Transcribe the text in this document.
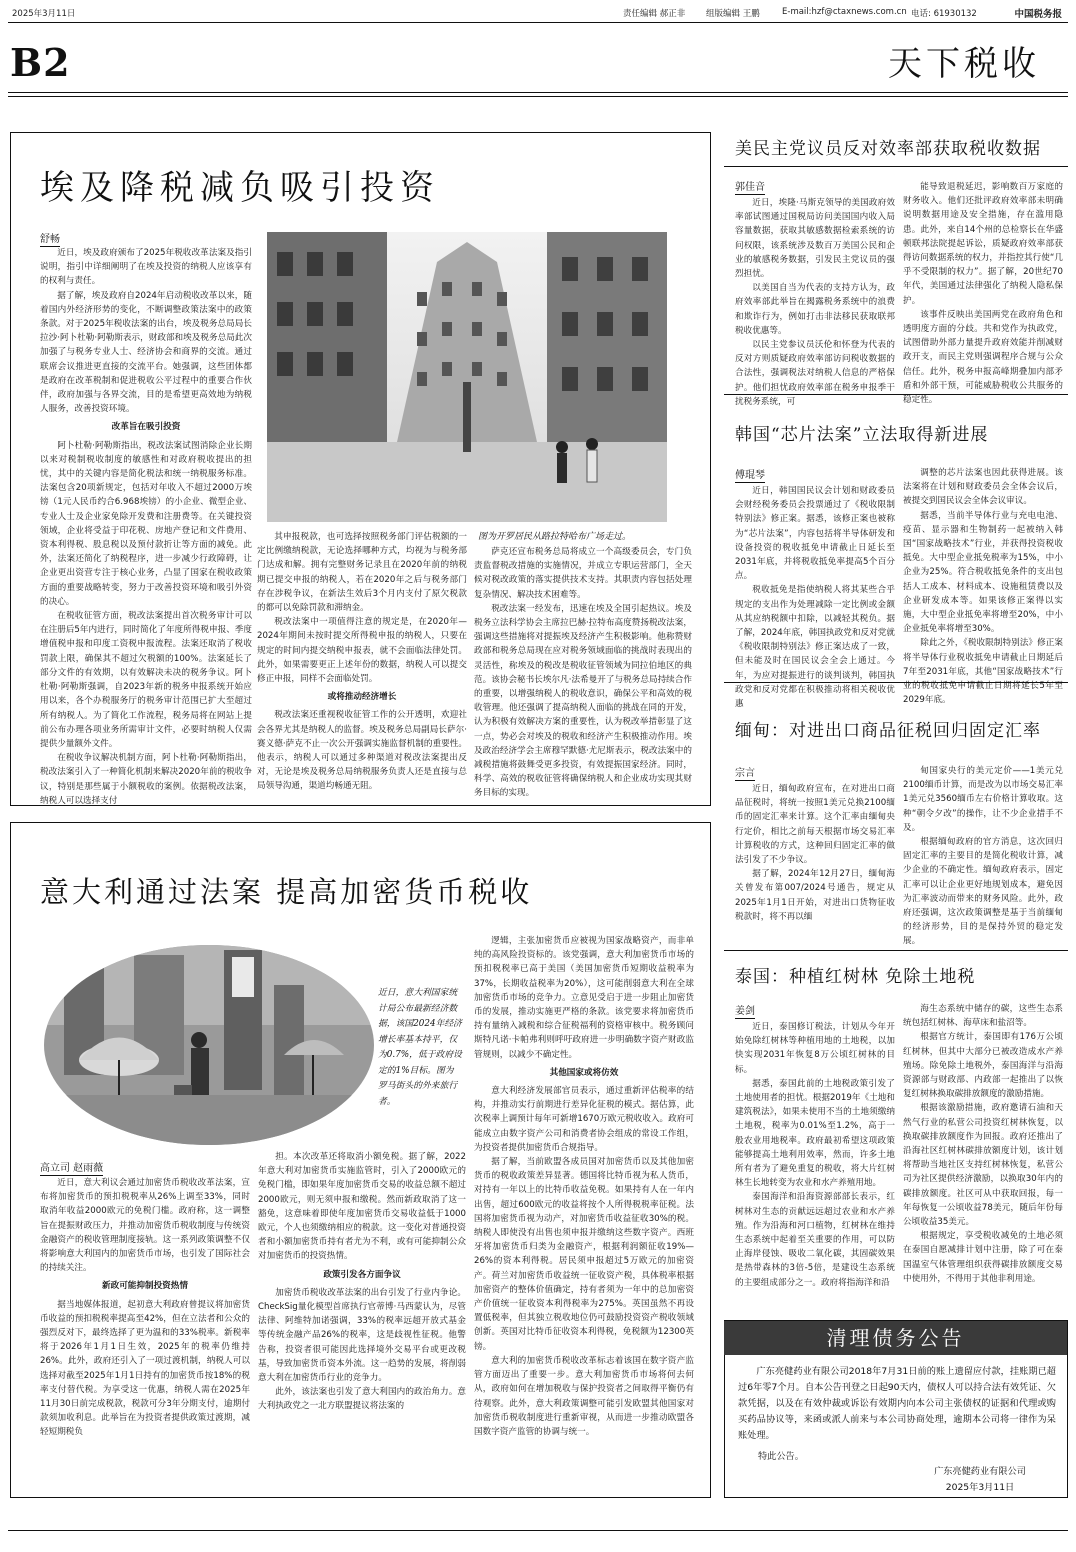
2025年3月11日	责任编辑 郝正非 组版编辑 王鹏	E-mail:hzf@ctaxnews.com.cn 电话: 61930132	中国税务报
B2	天下税收
埃及降税减负吸引投资
舒畅
图为开罗居民从路拉特哈布广场走过。

近日，埃及政府颁布了2025年税收改革法案及指引说明，指引中详细阐明了在埃及投资的纳税人应该享有的权利与责任。

据了解，埃及政府自2024年启动税收改革以来，随着国内外经济形势的变化，不断调整政策法案中的政策条款。对于2025年税收法案的出台，埃及税务总局局长拉沙·阿卜杜勒·阿勒斯表示，财政部和埃及税务总局此次加强了与税务专业人士、经济协会和商界的交流。通过联席会议推进更直接的交流平台。她强调，这些团体都是政府在改革税制和促进税收公平过程中的重要合作伙伴，政府加强与各界交流，目的是希望更高效地为纳税人服务，改善投资环境。

改革旨在吸引投资

阿卜杜勒·阿勒斯指出，税改法案试图消除企业长期以来对税制税收制度的敏感性和对政府税收提出的担忧，其中的关键内容是简化税法和统一纳税服务标准。法案包含20项新规定，包括对年收入不超过2000万埃镑（1元人民币约合6.968埃镑）的小企业、微型企业、专业人士及企业家免除开发费和注册费等。在关键投资领域，企业将受益于印花税、房地产登记和文件费用、资本利得税、股息税以及预付款折让等方面的减免。此外，法案还简化了纳税程序，进一步减少行政障碍，让企业更出资营专注于核心业务，凸显了国家在税收政策方面的重要战略转变，努力于改善投资环境和吸引外资的决心。

在税收征管方面，税改法案提出首次税务审计可以在注册后5年内进行，同时简化了年度所得税申报、季度增值税申报和印度工资税申报流程。法案还取消了税收罚款上限，确保其不超过欠税额的100%。法案延长了部分文件的有效期，以有效解决未决的税务争议。阿卜杜勒·阿勒斯强调，自2023年新的税务申报系统开始应用以来，各个办税服务厅的税务审计范围已扩大至超过所有纳税人。为了简化工作流程，税务局将在网站上提前公布办理各项业务所需审计文件，必要时纳税人仅需提供少量额外文件。

在税收争议解决机制方面，阿卜杜勒·阿勒斯指出，税改法案引入了一种简化机制来解决2020年前的税收争议，特别是那些属于小额税收的案例。依据税改法案，纳税人可以选择支付

其申报税款，也可选择按照税务部门评估税额的一定比例缴纳税款，无论选择哪种方式，均视为与税务部门达成和解。拥有完整财务记录且在2020年前的纳税期已提交申报的纳税人，若在2020年之后与税务部门存在涉税争议，在新法生效后3个月内支付了原欠税款的都可以免除罚款和滞纳金。

税改法案中一项值得注意的规定是，在2020年—2024年期间未按时提交所得税申报的纳税人，只要在规定的时间内提交纳税申报表，就不会面临法律处罚。此外，如果需要更正上述年份的数据，纳税人可以提交修正申报，同样不会面临处罚。

或将推动经济增长

税改法案还重视税收征管工作的公开透明，欢迎社会各界尤其是纳税人的监督。埃及税务总局副局长萨尔·赛义德·萨克不止一次公开强调实施监督机制的重要性。他表示，纳税人可以通过多种渠道对税改法案提出反对，无论是埃及税务总局纳税服务负责人还是直接与总局领导沟通，渠道均畅通无阻。

萨克还宣布税务总局将成立一个高级委员会，专门负责监督税改措施的实施情况，并成立专职运营部门，全天候对税改政策的落实提供技术支持。其职责内容包括处理复杂情况、解决技术困难等。

税改法案一经发布，迅速在埃及全国引起热议。埃及税务立法科学协会主席拉巴赫·拉特布高度赞扬税改法案，强调这些措施将对提振埃及经济产生积极影响。他称赞财政部和税务总局现在应对税务领域面临的挑战时表现出的灵活性，称埃及的税改是税收征管领域为同拉伯地区的典范。该协会秘书长埃尔凡·法希曼开了与税务总局持续合作的重要，以增强纳税人的税收意识，确保公平和高效的税收管理。他还强调了提高纳税人面临的挑战在同的开发，认为积极有效解决方案的重要性，认为税改举措彰显了这一点，势必会对埃及的税收和经济产生积极推动作用。埃及政治经济学会主席穆罕默德·尤尼斯表示，税改法案中的减税措施将鼓舞受更多投资，有效提振国家经济。同时，科学、高效的税收征管将确保纳税人和企业成功实现其财务目标的实现。

意大利通过法案 提高加密货币税收
近日，意大利国家统计局公布最新经济数据，该国2024年经济增长率基本持平，仅为0.7%，低于政府设定的1%目标。图为罗马街头的外来旅行者。
高立司 赵雨薇

近日，意大利议会通过加密货币税收改革法案，宣布将加密货币的预扣税税率从26%上调至33%，同时取消年收益2000欧元的免税门槛。政府称，这一调整旨在提振财政压力，并推动加密货币税收制度与传统资金融资产的税收管理制度接轨。这一系列政策调整不仅将影响意大利国内的加密货币市场，也引发了国际社会的持续关注。

新政可能抑制投资热情

据当地媒体报道，起初意大利政府曾提议将加密货币收益的预扣税税率提高至42%，但在立法者和公众的强烈反对下，最终选择了更为温和的33%税率。新税率将于2026年1月1日生效，2025年的税率仍维持26%。此外，政府还引入了一项过渡机制，纳税人可以选择对截至2025年1月1日持有的加密货币按18%的税率支付替代税。为享受这一优惠，纳税人需在2025年11月30日前完成税款，税款可分3年分期支付，逾期付款须加收利息。此举旨在为投资者提供政策过渡期，减轻短期税负

担。本次改革还将取消小额免税。据了解，2022年意大利对加密货币实施监管时，引入了2000欧元的免税门槛，即如果年度加密货币交易的收益总额不超过2000欧元，则无须申报和缴税。然而新政取消了这一豁免，这意味着即使年度加密货币交易收益低于1000欧元，个人也须缴纳相应的税款。这一变化对普通投资者和小额加密货币持有者尤为不利，或有可能抑制公众对加密货币的投资热情。

政策引发各方面争议

加密货币税收改革法案的出台引发了行业内争论。CheckSig量化模型首席执行官蒂博·马西蒙认为，尽管法律、阿维特加诺强调，33%的税率远超开放式基金等传统金融产品26%的税率，这是歧视性征税。他警告称，投资者很可能因此选择境外交易平台或更改税基，导致加密货币资本外流。这一趋势的发展，将削弱意大利在加密货币行业的竞争力。

此外，该法案也引发了意大利国内的政治角力。意大利执政党之一北方联盟提议将法案的

逻辑，主张加密货币应被视为国家战略资产，而非单纯的高风险投资标的。该党强调，意大利加密货币市场的预扣税税率已高于美国（美国加密货币短期收益税率为37%，长期收益税率为20%），这可能削弱意大利在全球加密货币市场的竞争力。立意见受启于进一步阻止加密货币的发展，推动实施更严格的条款。该党要求将加密货币持有量纳入减税和综合征税福利的资格审核中。税务顾问斯特凡诺·卡帕弗利则呼吁政府进一步明确数字资产财政监管规则，以减少不确定性。

其他国家或将仿效

意大利经济发展部官员表示，通过重新评估税率的结构，并推动实行前期进行差异化征税的模式。据估算，此次税率上调预计每年可新增1670万欧元税收收入。政府可能成立由数字资产公司和消费者协会组成的常设工作组，为投资者提供加密货币合规指导。

据了解，当前欧盟各成员国对加密货币以及其他加密货币的税收政策差异显著。德国将比特币视为私人货币，对持有一年以上的比特币收益免税。如果持有人在一年内出售，超过600欧元的收益将按个人所得税税率征税。法国将加密货币视为动产，对加密货币收益征收30%的税。纳税人即使没有出售也须申报并缴纳这些数字资产。西班牙将加密货币归类为金融资产，根据利润额征收19%—26%的资本利得税。居民须申报超过5万欧元的加密资产。荷兰对加密货币收益统一征收资产税，具体税率根据加密资产的整体价值确定，持有者须为一年中的总加密资产价值统一征收资本利得税率为275%。英国虽然不再设置低税率，但其独立税收地位仍可鼓励投资资产税收领域创新。英国对比特币征收资本利得税，免税额为12300英镑。

意大利的加密货币税收改革标志着该国在数字资产监管方面迈出了重要一步。意大利加密货币市场将何去何从，政府如何在增加税收与保护投资者之间取得平衡仍有待观察。此外，意大利政策调整可能引发欧盟其他国家对加密货币税收制度进行重新审视，从而进一步推动欧盟各国数字资产监管的协调与统一。

美民主党议员反对效率部获取税收数据
郭佳音

近日，埃隆·马斯克领导的美国政府效率部试图通过国税局访问美国国内收入局容量数据，获取其敏感数据检索系统的访问权限，该系统涉及数百万美国公民和企业的敏感税务数据，引发民主党议员的强烈担忧。

以美国自当为代表的支持方认为，政府效率部此举旨在揭露税务系统中的浪费和欺诈行为，例如打击非法移民获取联邦税收优惠等。

以民主党参议员沃伦和怀登为代表的反对方则质疑政府效率部访问税收数据的合法性，强调税法对纳税人信息的严格保护。他们担忧政府效率部在税务申报季干扰税务系统，可

能导致退税延迟，影响数百万家庭的财务收入。他们还批评政府效率部未明确说明数据用途及安全措施，存在滥用隐患。此外，来自14个州的总检察长在华盛顿联邦法院提起诉讼，质疑政府效率部获得访问数据系统的权力，并指控其行使“几乎不受限制的权力”。据了解，20世纪70年代，美国通过法律强化了纳税人隐私保护。

该事件反映出美国两党在政府角色和透明度方面的分歧。共和党作为执政党，试图借助外部力量提升政府效能并削减财政开支，而民主党则强调程序合规与公众信任。此外，税务申报高峰期叠加内部矛盾和外部干预，可能威胁税收公共服务的稳定性。

韩国“芯片法案”立法取得新进展
傅琨琴

近日，韩国国民议会计划和财政委员会财经税务委员会投票通过了《税收限制特别法》修正案。据悉，该修正案也被称为“芯片法案”，内容包括将半导体研发和设备投资的税收抵免申请截止日延长至2031年底，并将税收抵免率提高5个百分点。

税收抵免是指使纳税人将其某些合乎规定的支出作为处理减除一定比例或金额从其应纳税额中扣除，以减轻其税负。据了解，2024年底，韩国执政党和反对党就《税收限制特别法》修正案达成了一致，但未能及时在国民议会全会上通过。今年，为应对提振进行的谈判谈判，韩国执政党和反对党都在积极推动将相关税收优惠

调整的芯片法案也因此获得进展。该法案将在计划和财政委员会全体会议后，被提交到国民议会全体会议审议。

据悉，当前半导体行业与充电电池、疫苗、显示器和生物制药一起被纳入韩国“国家战略技术”行业，并获得投资税收抵免。大中型企业抵免税率为15%，中小企业为25%。符合税收抵免条件的支出包括人工成本、材料成本、设施租赁费以及企业研发成本等。如果该修正案得以实施，大中型企业抵免率将增至20%，中小企业抵免率将增至30%。

除此之外，《税收限制特别法》修正案将半导体行业税收抵免申请截止日期延后7年至2031年底，其他“国家战略技术”行业的税收抵免申请截止日期将延长5年至2029年底。

缅甸：对进出口商品征税回归固定汇率
宗言

近日，缅甸政府宣布，在对进出口商品征税时，将统一按照1美元兑换2100缅币的固定汇率来计算。这个汇率由缅甸央行定价，相比之前每天根据市场交易汇率计算税收的方式，这种回归固定汇率的做法引发了不少争议。

据了解，2024年12月27日，缅甸海关曾发布第007/2024号通告，规定从2025年1月1日开始，对进出口货物征收税款时，将不再以缅

甸国家央行的美元定价——1美元兑2100缅币计算，而是改为以市场交易汇率1美元兑3560缅币左右价格计算收取。这种“朝令夕改”的操作，让不少企业措手不及。

根据缅甸政府的官方消息，这次回归固定汇率的主要目的是简化税收计算，减少企业的不确定性。缅甸政府表示，固定汇率可以让企业更好地规划成本，避免因为汇率波动而带来的财务风险。此外，政府还强调，这次政策调整是基于当前缅甸的经济形势，目的是保持外贸的稳定发展。

泰国：种植红树林 免除土地税
姜剑

近日，泰国修订税法，计划从今年开始免除红树林等种植用地的土地税，以加快实现2031年恢复8万公顷红树林的目标。

据悉，泰国此前的土地税政策引发了土地使用者的担忧。根据2019年《土地和建筑税法》，如果未使用不当的土地须缴纳土地税，税率为0.01%至1.2%，高于一般农业用地税率。政府最初希望这项政策能够提高土地利用效率，然而，许多土地所有者为了避免重复的税收，将大片红树林生长地转变为农业和水产养殖用地。

泰国海洋和沿海资源部部长表示，红树林对生态的贡献远远超过农业和水产养殖。作为沿海和河口植物，红树林在维持生态系统中起着至关重要的作用，可以防止海岸侵蚀、吸收二氧化碳，其固碳效果是热带森林的3倍-5倍，是建设生态系统的主要组成部分之一。政府将指海洋和沿

海生态系统中储存的碳，这些生态系统包括红树林、海草床和盐沼等。

根据官方统计，泰国即有176万公顷红树林，但其中大部分已被改造成水产养殖场。除免除土地税外，泰国海洋与沿海资源部与财政部、内政部一起推出了以恢复红树林换取碳排放额度的激励措施。

根据该激励措施，政府邀请石油和天然气行业的私营公司投资红树林恢复，以换取碳排放额度作为回报。政府还推出了沿海社区红树林碳排放额度计划，该计划将帮助当地社区支持红树林恢复，私营公司为社区提供经济激励，以换取30年内的碳排放额度。社区可从中获取回报，每一年每恢复一公顷收益78美元，随后年份每公顷收益35美元。

根据规定，享受税收减免的土地必须在泰国自愿减排计划中注册，除了可在泰国温室气体管理组织获得碳排放额度交易中使用外，不得用于其他非利用途。

清理债务公告
广东亮健药业有限公司2018年7月31日前的账上遗留应付款，挂账期已超过6年零7个月。自本公告刊登之日起90天内，债权人可以持合法有效凭证、欠款凭据，以及在有效仲裁或诉讼有效期内向本公司主张债权的证据和代理或购买药品协议等，来函或派人前来与本公司协商处理，逾期本公司将一律作为呆账处理。
特此公告。
广东亮健药业有限公司
2025年3月11日
